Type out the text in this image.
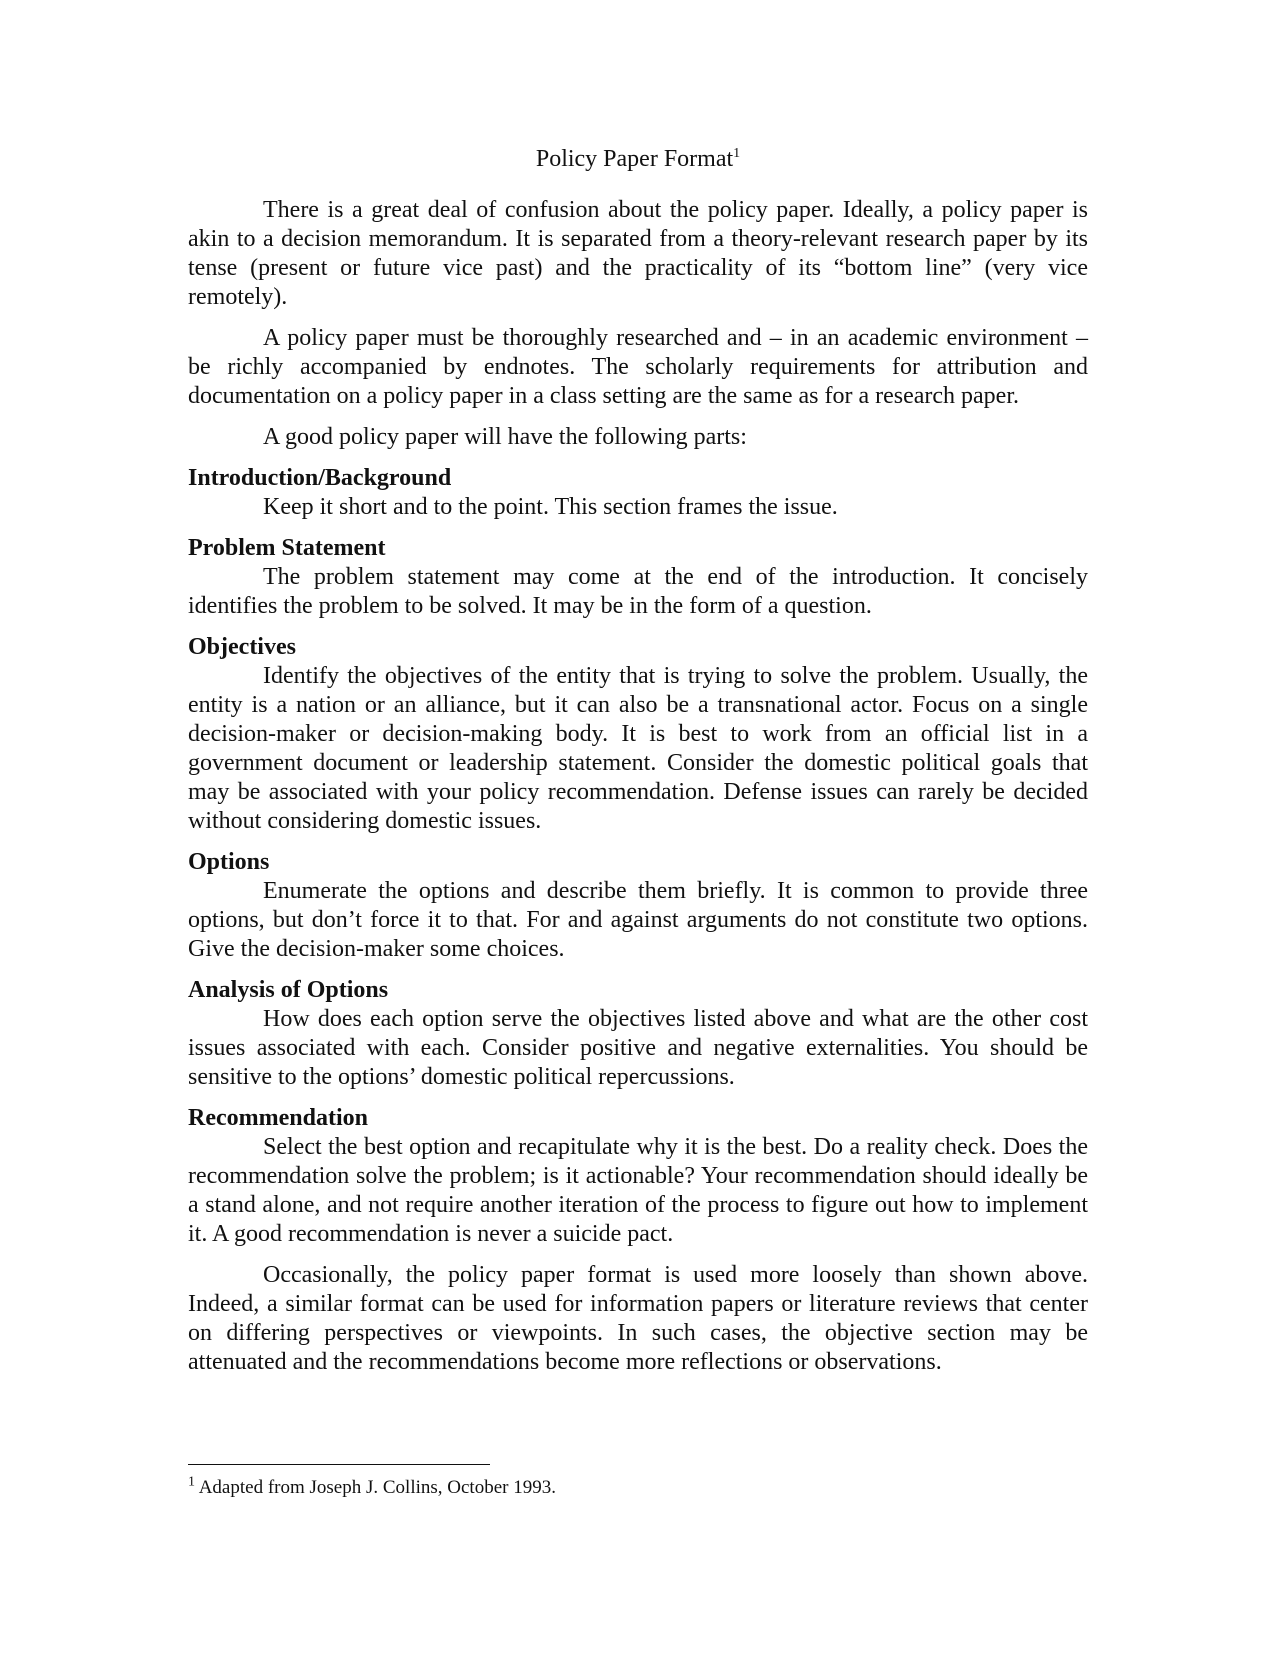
Policy Paper Format$^1$

There is a great deal of confusion about the policy paper. Ideally, a policy paper is akin to a decision memorandum. It is separated from a theory-relevant research paper by its tense (present or future vice past) and the practicality of its “bottom line” (very vice remotely).

A policy paper must be thoroughly researched and – in an academic environment – be richly accompanied by endnotes. The scholarly requirements for attribution and documentation on a policy paper in a class setting are the same as for a research paper.

A good policy paper will have the following parts:

Introduction/Background

Keep it short and to the point. This section frames the issue.

Problem Statement

The problem statement may come at the end of the introduction. It concisely identifies the problem to be solved. It may be in the form of a question.

Objectives

Identify the objectives of the entity that is trying to solve the problem. Usually, the entity is a nation or an alliance, but it can also be a transnational actor. Focus on a single decision-maker or decision-making body. It is best to work from an official list in a government document or leadership statement. Consider the domestic political goals that may be associated with your policy recommendation. Defense issues can rarely be decided without considering domestic issues.

Options

Enumerate the options and describe them briefly. It is common to provide three options, but don’t force it to that. For and against arguments do not constitute two options. Give the decision-maker some choices.

Analysis of Options

How does each option serve the objectives listed above and what are the other cost issues associated with each. Consider positive and negative externalities. You should be sensitive to the options’ domestic political repercussions.

Recommendation

Select the best option and recapitulate why it is the best. Do a reality check. Does the recommendation solve the problem; is it actionable? Your recommendation should ideally be a stand alone, and not require another iteration of the process to figure out how to implement it. A good recommendation is never a suicide pact.

Occasionally, the policy paper format is used more loosely than shown above. Indeed, a similar format can be used for information papers or literature reviews that center on differing perspectives or viewpoints. In such cases, the objective section may be attenuated and the recommendations become more reflections or observations.

$^1$ Adapted from Joseph J. Collins, October 1993.
